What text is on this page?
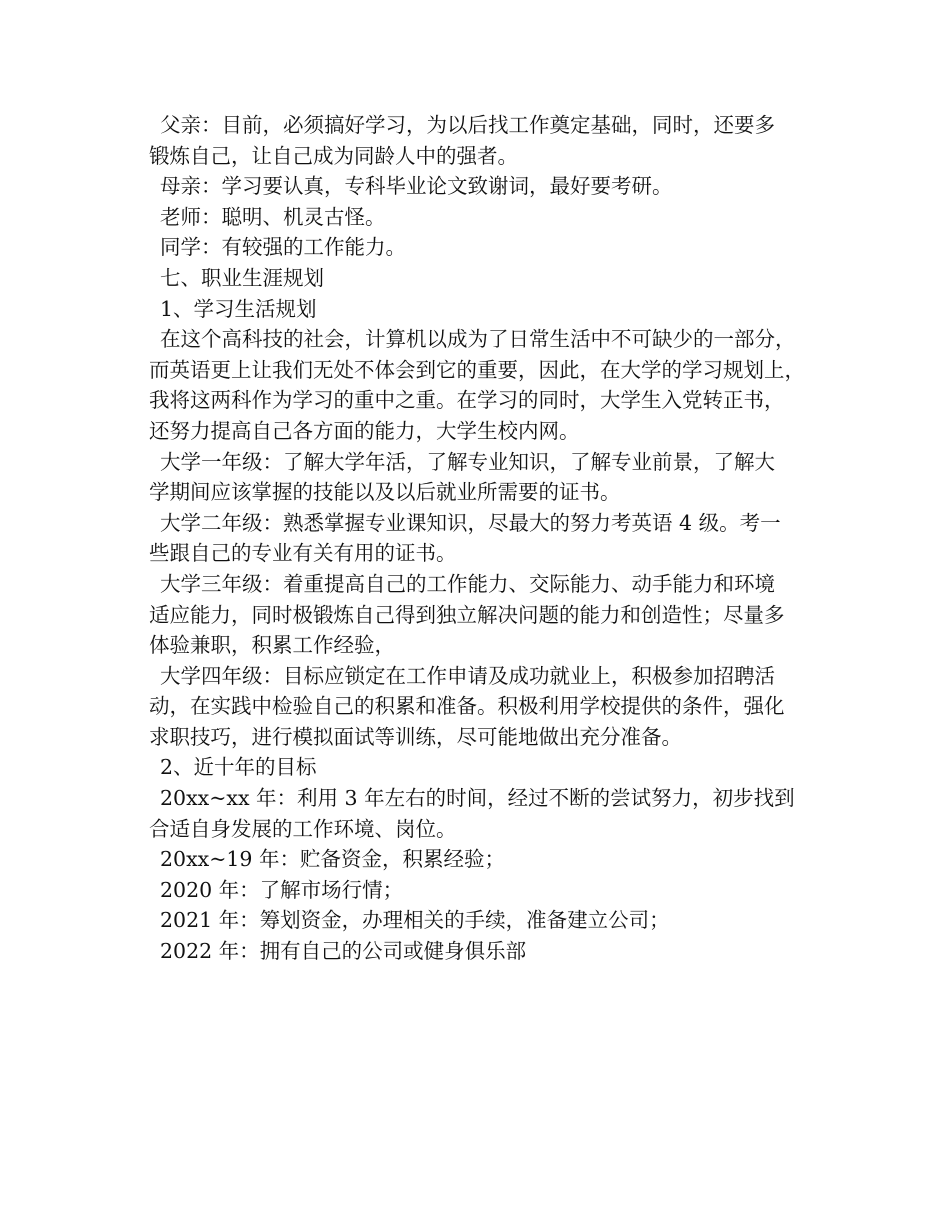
父亲：目前，必须搞好学习，为以后找工作奠定基础，同时，还要多
锻炼自己，让自己成为同龄人中的强者。
母亲：学习要认真，专科毕业论文致谢词，最好要考研。
老师：聪明、机灵古怪。
同学：有较强的工作能力。
七、职业生涯规划
1、学习生活规划
在这个高科技的社会，计算机以成为了日常生活中不可缺少的一部分，
而英语更上让我们无处不体会到它的重要，因此，在大学的学习规划上，
我将这两科作为学习的重中之重。在学习的同时，大学生入党转正书，
还努力提高自己各方面的能力，大学生校内网。
大学一年级：了解大学年活，了解专业知识，了解专业前景，了解大
学期间应该掌握的技能以及以后就业所需要的证书。
大学二年级：熟悉掌握专业课知识，尽最大的努力考英语 4 级。考一
些跟自己的专业有关有用的证书。
大学三年级：着重提高自己的工作能力、交际能力、动手能力和环境
适应能力，同时极锻炼自己得到独立解决问题的能力和创造性；尽量多
体验兼职，积累工作经验，
大学四年级：目标应锁定在工作申请及成功就业上，积极参加招聘活
动，在实践中检验自己的积累和准备。积极利用学校提供的条件，强化
求职技巧，进行模拟面试等训练，尽可能地做出充分准备。
2、近十年的目标
20xx~xx 年：利用 3 年左右的时间，经过不断的尝试努力，初步找到
合适自身发展的工作环境、岗位。
20xx~19 年：贮备资金，积累经验；
2020 年：了解市场行情；
2021 年：筹划资金，办理相关的手续，准备建立公司；
2022 年：拥有自己的公司或健身俱乐部
